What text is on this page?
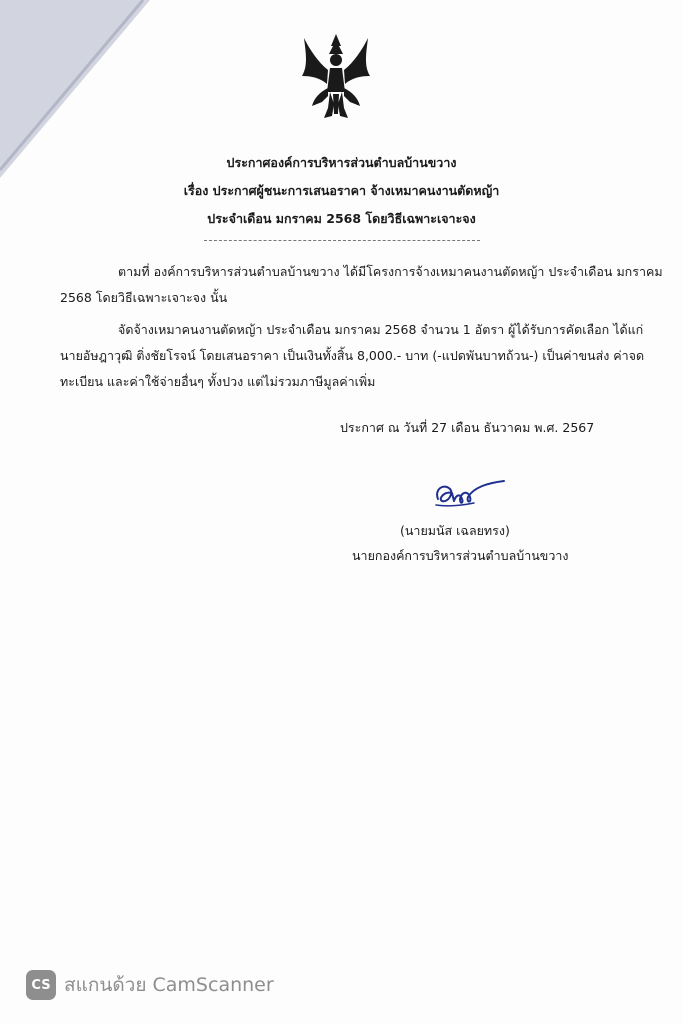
ประกาศองค์การบริหารส่วนตำบลบ้านขวาง

เรื่อง ประกาศผู้ชนะการเสนอราคา จ้างเหมาคนงานตัดหญ้า

ประจำเดือน มกราคม 2568 โดยวิธีเฉพาะเจาะจง

ตามที่ องค์การบริหารส่วนตำบลบ้านขวาง ได้มีโครงการจ้างเหมาคนงานตัดหญ้า ประจำเดือน มกราคม

2568 โดยวิธีเฉพาะเจาะจง นั้น

จัดจ้างเหมาคนงานตัดหญ้า ประจำเดือน มกราคม 2568 จำนวน 1 อัตรา ผู้ได้รับการคัดเลือก ได้แก่

นายอัษฎาวุฒิ ติ่งชัยโรจน์ โดยเสนอราคา เป็นเงินทั้งสิ้น 8,000.- บาท (-แปดพันบาทถ้วน-) เป็นค่าขนส่ง ค่าจด

ทะเบียน และค่าใช้จ่ายอื่นๆ ทั้งปวง แต่ไม่รวมภาษีมูลค่าเพิ่ม

ประกาศ ณ วันที่ 27 เดือน ธันวาคม พ.ศ. 2567

(นายมนัส เฉลยทรง)

นายกองค์การบริหารส่วนตำบลบ้านขวาง

CS สแกนด้วย CamScanner
